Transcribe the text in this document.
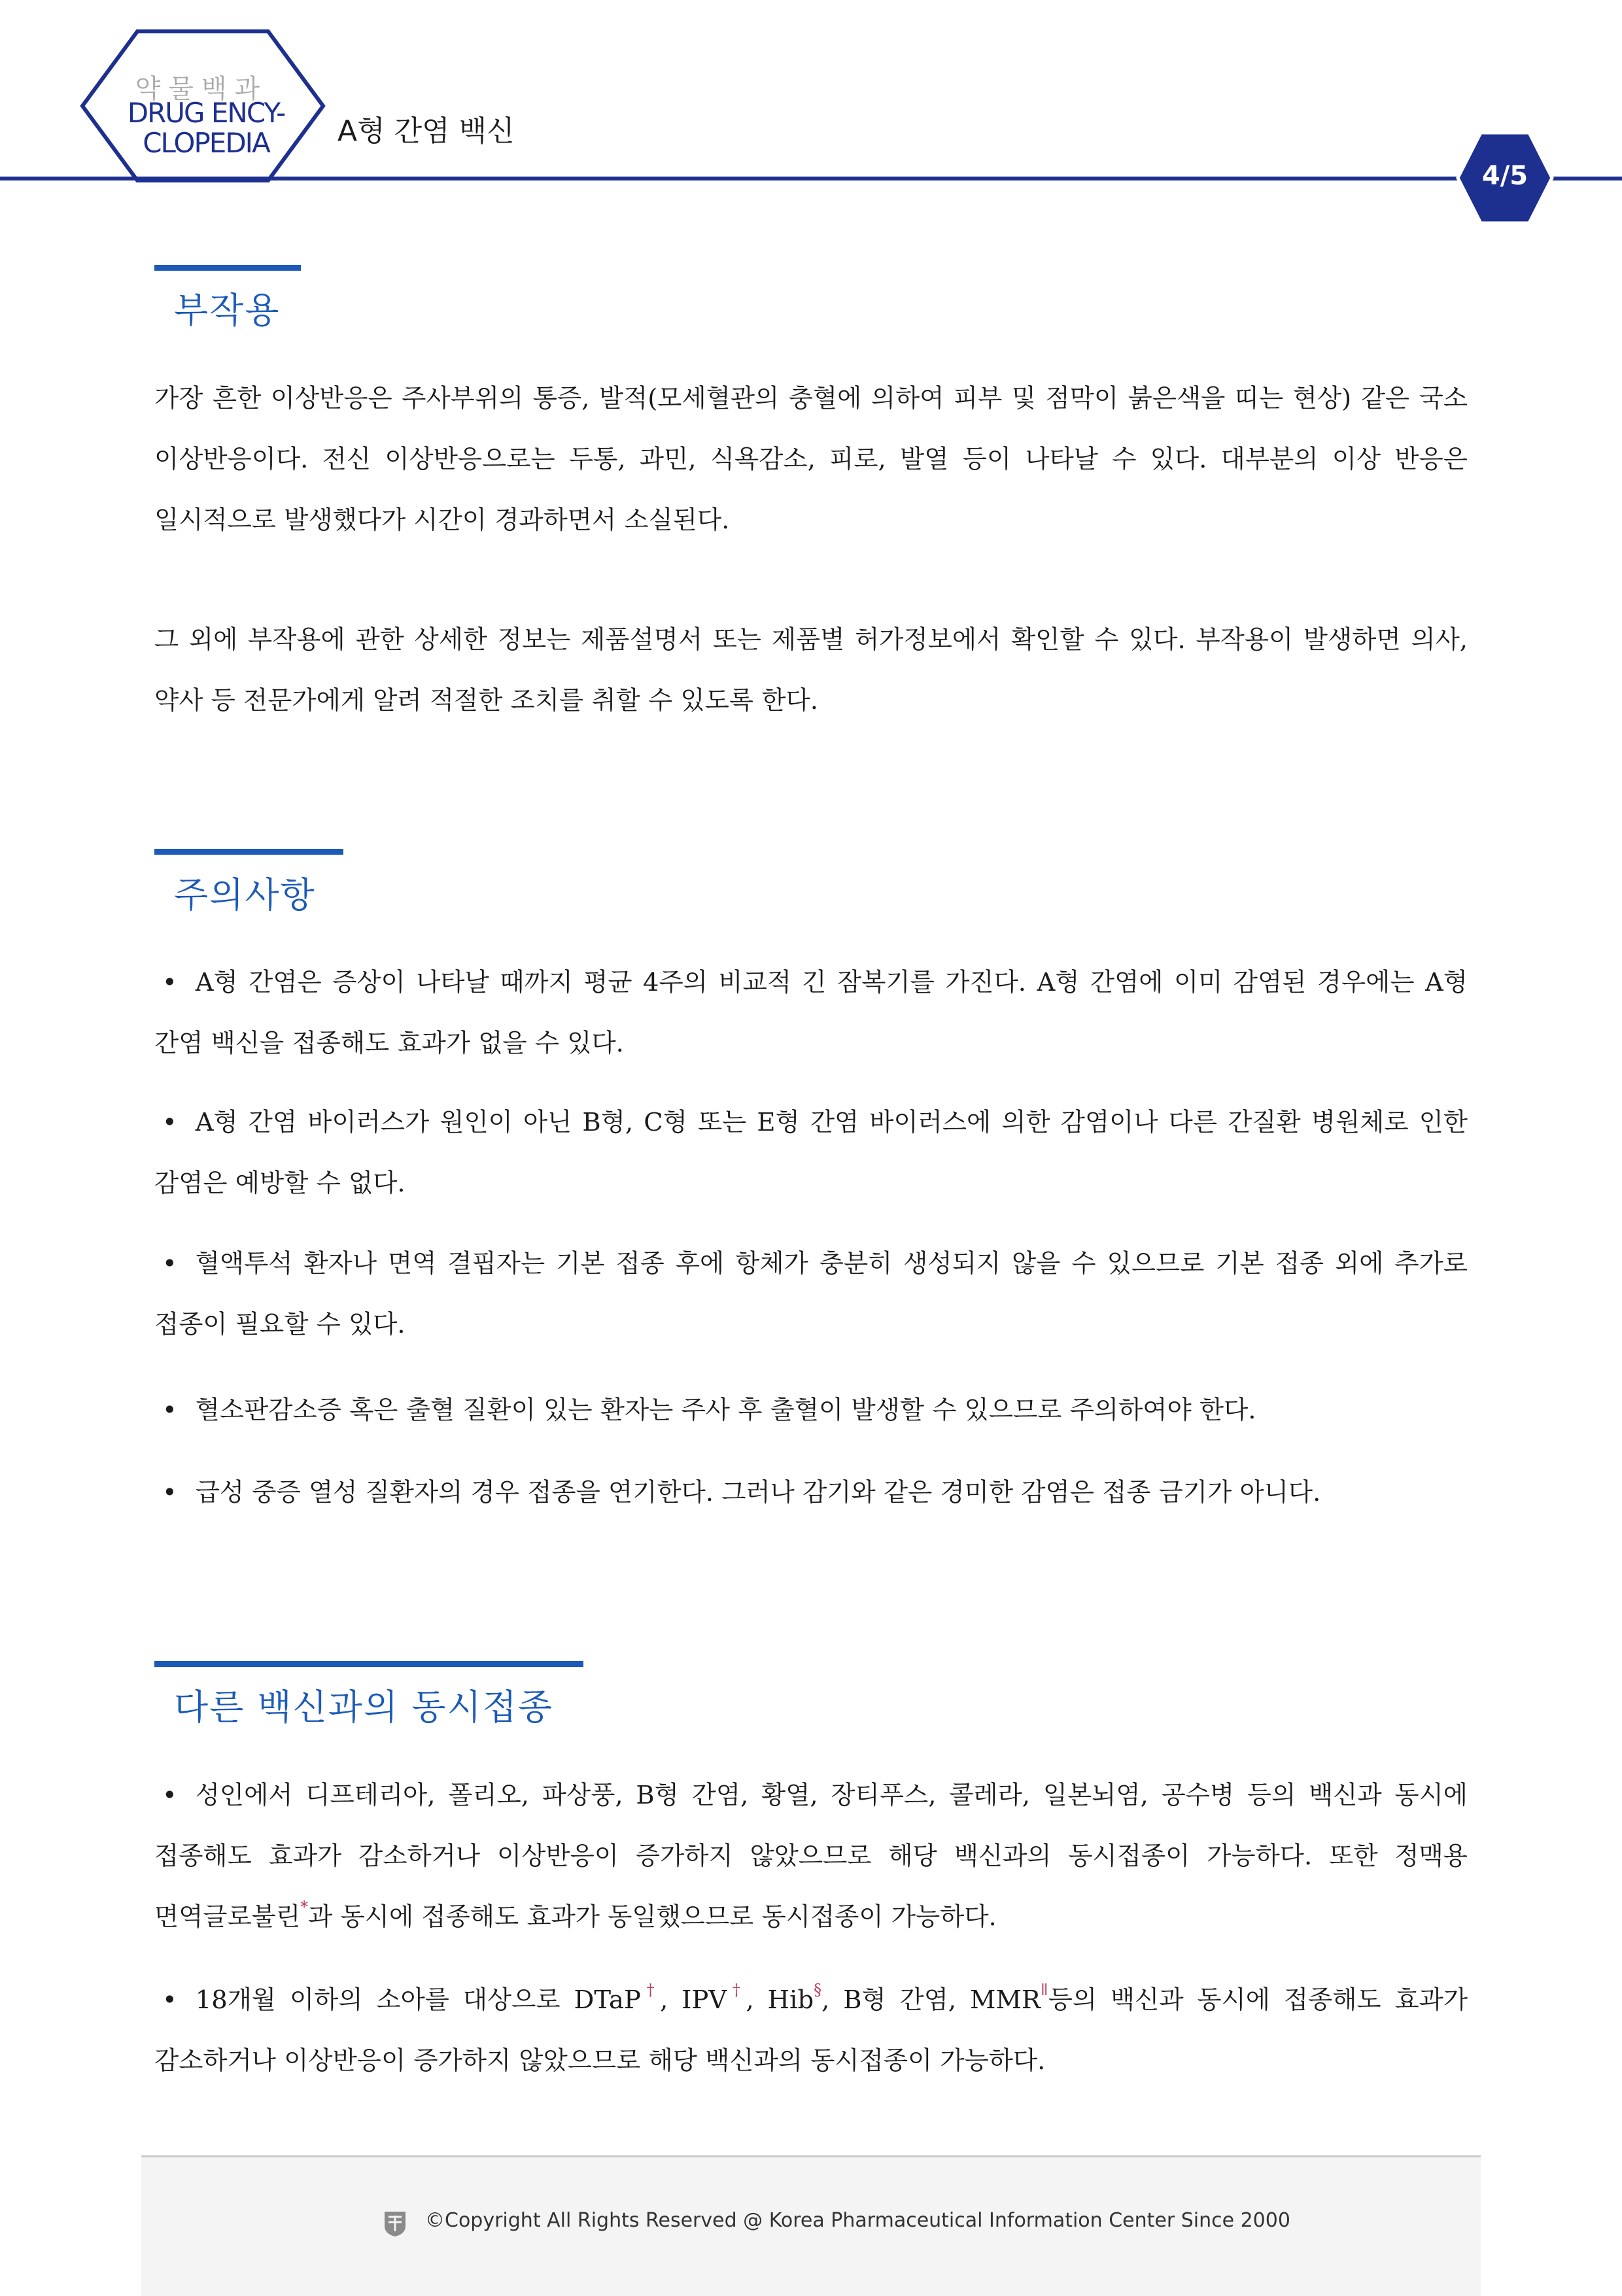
약물백과
DRUG ENCY-
CLOPEDIA	A형 간염 백신
4/5
부작용

가장 흔한 이상반응은 주사부위의 통증, 발적(모세혈관의 충혈에 의하여 피부 및 점막이 붉은색을 띠는 현상) 같은 국소 이상반응이다. 전신 이상반응으로는 두통, 과민, 식욕감소, 피로, 발열 등이 나타날 수 있다. 대부분의 이상 반응은 일시적으로 발생했다가 시간이 경과하면서 소실된다.

그 외에 부작용에 관한 상세한 정보는 제품설명서 또는 제품별 허가정보에서 확인할 수 있다. 부작용이 발생하면 의사, 약사 등 전문가에게 알려 적절한 조치를 취할 수 있도록 한다.

주의사항
• A형 간염은 증상이 나타날 때까지 평균 4주의 비교적 긴 잠복기를 가진다. A형 간염에 이미 감염된 경우에는 A형 간염 백신을 접종해도 효과가 없을 수 있다.
• A형 간염 바이러스가 원인이 아닌 B형, C형 또는 E형 간염 바이러스에 의한 감염이나 다른 간질환 병원체로 인한 감염은 예방할 수 없다.
• 혈액투석 환자나 면역 결핍자는 기본 접종 후에 항체가 충분히 생성되지 않을 수 있으므로 기본 접종 외에 추가로 접종이 필요할 수 있다.
• 혈소판감소증 혹은 출혈 질환이 있는 환자는 주사 후 출혈이 발생할 수 있으므로 주의하여야 한다.
• 급성 중증 열성 질환자의 경우 접종을 연기한다. 그러나 감기와 같은 경미한 감염은 접종 금기가 아니다.
다른 백신과의 동시접종
• 성인에서 디프테리아, 폴리오, 파상풍, B형 간염, 황열, 장티푸스, 콜레라, 일본뇌염, 공수병 등의 백신과 동시에 접종해도 효과가 감소하거나 이상반응이 증가하지 않았으므로 해당 백신과의 동시접종이 가능하다. 또한 정맥용 면역글로불린*과 동시에 접종해도 효과가 동일했으므로 동시접종이 가능하다.
• 18개월 이하의 소아를 대상으로 DTaP†, IPV†, Hib§, B형 간염, $MMR^ǁ$등의 백신과 동시에 접종해도 효과가 감소하거나 이상반응이 증가하지 않았으므로 해당 백신과의 동시접종이 가능하다.
©Copyright All Rights Reserved @ Korea Pharmaceutical Information Center Since 2000
